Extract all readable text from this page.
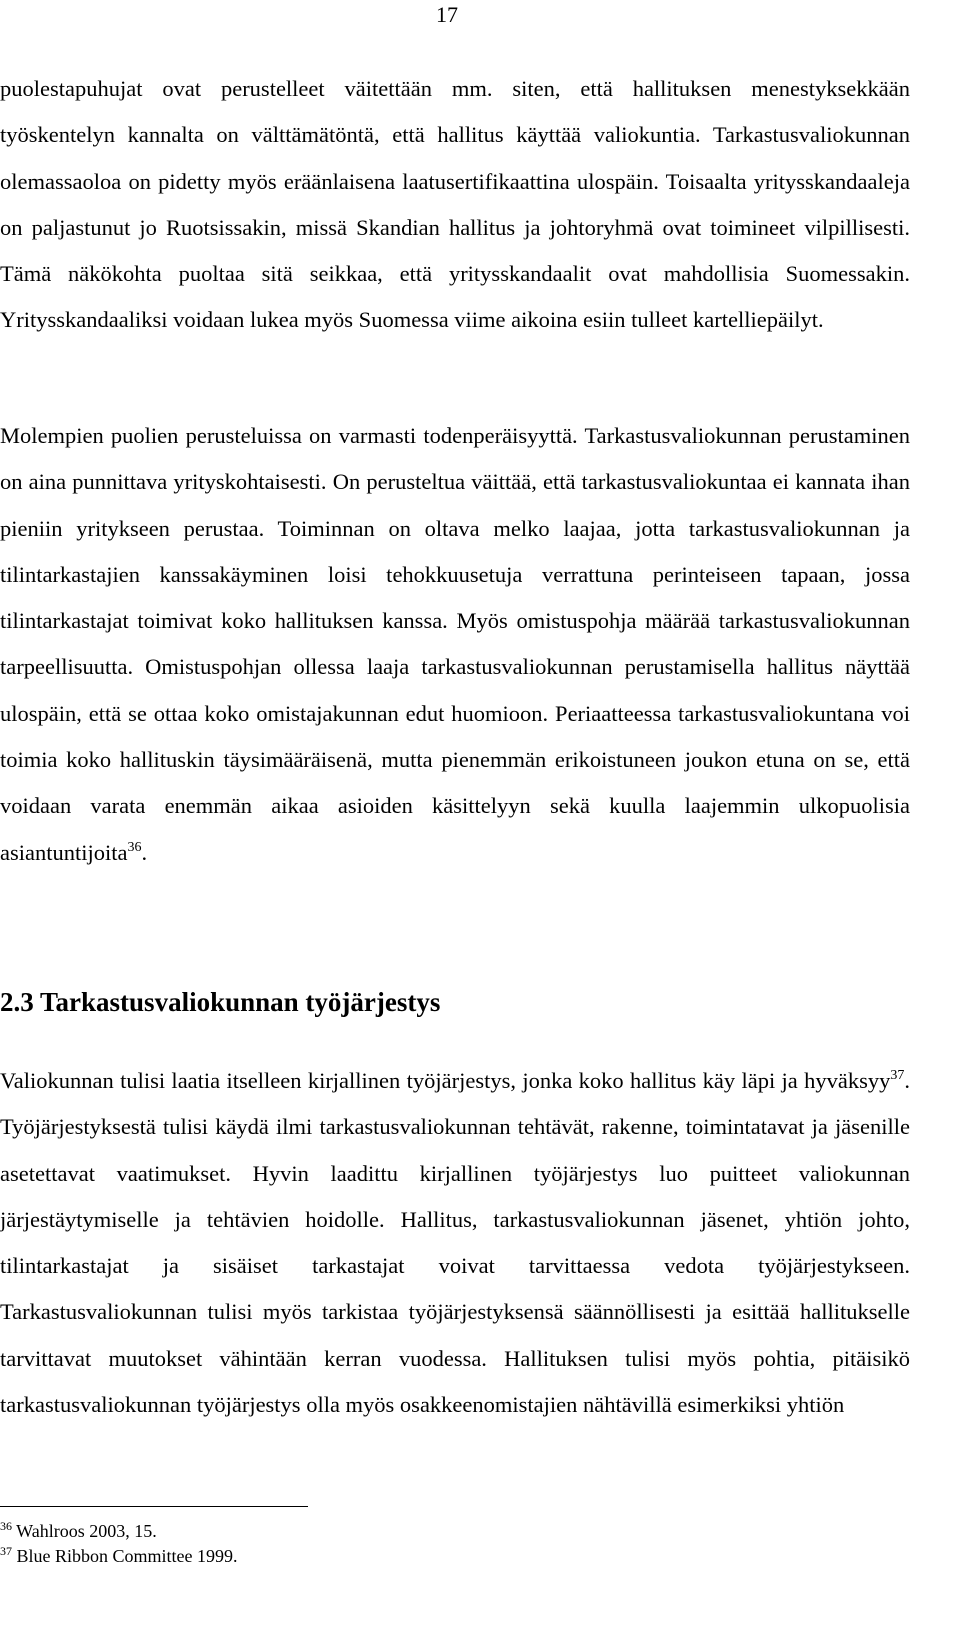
17

puolestapuhujat ovat perustelleet väitettään mm. siten, että hallituksen menestyksekkään työskentelyn kannalta on välttämätöntä, että hallitus käyttää valiokuntia. Tarkastusvaliokunnan olemassaoloa on pidetty myös eräänlaisena laatusertifikaattina ulospäin. Toisaalta yritysskandaaleja on paljastunut jo Ruotsissakin, missä Skandian hallitus ja johtoryhmä ovat toimineet vilpillisesti. Tämä näkökohta puoltaa sitä seikkaa, että yritysskandaalit ovat mahdollisia Suomessakin. Yritysskandaaliksi voidaan lukea myös Suomessa viime aikoina esiin tulleet kartelliepäilyt.

Molempien puolien perusteluissa on varmasti todenperäisyyttä. Tarkastusvaliokunnan perustaminen on aina punnittava yrityskohtaisesti. On perusteltua väittää, että tarkastusvaliokuntaa ei kannata ihan pieniin yritykseen perustaa. Toiminnan on oltava melko laajaa, jotta tarkastusvaliokunnan ja tilintarkastajien kanssakäyminen loisi tehokkuusetuja verrattuna perinteiseen tapaan, jossa tilintarkastajat toimivat koko hallituksen kanssa. Myös omistuspohja määrää tarkastusvaliokunnan tarpeellisuutta. Omistuspohjan ollessa laaja tarkastusvaliokunnan perustamisella hallitus näyttää ulospäin, että se ottaa koko omistajakunnan edut huomioon. Periaatteessa tarkastusvaliokuntana voi toimia koko hallituskin täysimääräisenä, mutta pienemmän erikoistuneen joukon etuna on se, että voidaan varata enemmän aikaa asioiden käsittelyyn sekä kuulla laajemmin ulkopuolisia asiantuntijoita$^{36}$.

2.3 Tarkastusvaliokunnan työjärjestys

Valiokunnan tulisi laatia itselleen kirjallinen työjärjestys, jonka koko hallitus käy läpi ja hyväksyy$^{37}$. Työjärjestyksestä tulisi käydä ilmi tarkastusvaliokunnan tehtävät, rakenne, toimintatavat ja jäsenille asetettavat vaatimukset. Hyvin laadittu kirjallinen työjärjestys luo puitteet valiokunnan järjestäytymiselle ja tehtävien hoidolle. Hallitus, tarkastusvaliokunnan jäsenet, yhtiön johto, tilintarkastajat ja sisäiset tarkastajat voivat tarvittaessa vedota työjärjestykseen. Tarkastusvaliokunnan tulisi myös tarkistaa työjärjestyksensä säännöllisesti ja esittää hallitukselle tarvittavat muutokset vähintään kerran vuodessa. Hallituksen tulisi myös pohtia, pitäisikö tarkastusvaliokunnan työjärjestys olla myös osakkeenomistajien nähtävillä esimerkiksi yhtiön

$^{36}$ Wahlroos 2003, 15.

$^{37}$ Blue Ribbon Committee 1999.
